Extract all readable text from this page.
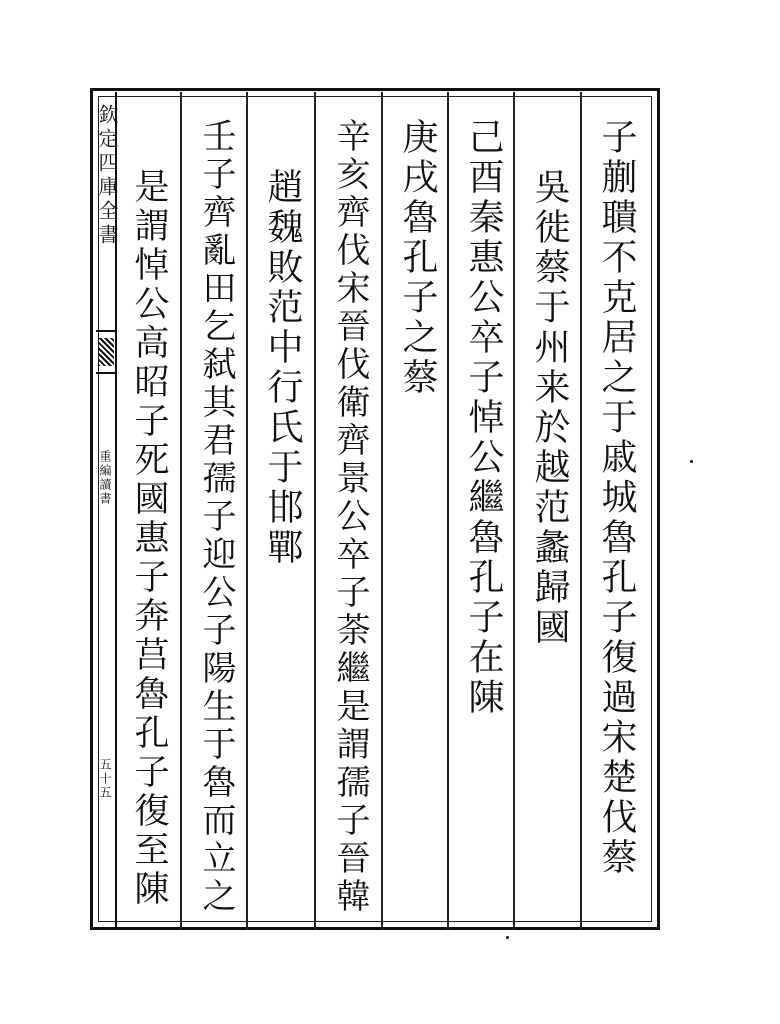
欽定四庫全書
重編讀書
五十五	子蒯聵不克居之于戚城魯孔子復過宋楚伐蔡
吳徙蔡于州来於越范蠡歸國
己酉秦惠公卒子悼公繼魯孔子在陳
庚戌魯孔子之蔡
辛亥齊伐宋晉伐衛齊景公卒子荼繼是謂孺子晉韓
趙魏敗范中行氏于邯鄲
壬子齊亂田乞弑其君孺子迎公子陽生于魯而立之
是謂悼公高昭子死國惠子奔莒魯孔子復至陳
